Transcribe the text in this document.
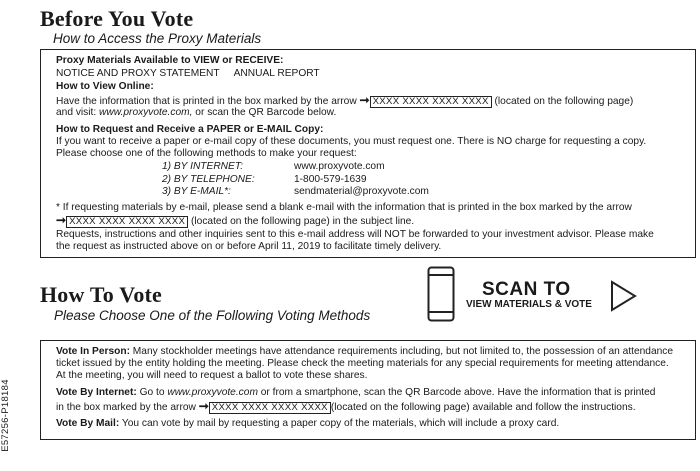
Before You Vote
How to Access the Proxy Materials
Proxy Materials Available to VIEW or RECEIVE:
NOTICE AND PROXY STATEMENT ANNUAL REPORT
How to View Online:
Have the information that is printed in the box marked by the arrow ➞ XXXX XXXX XXXX XXXX (located on the following page)
and visit: www.proxyvote.com, or scan the QR Barcode below.
How to Request and Receive a PAPER or E-MAIL Copy:
If you want to receive a paper or e-mail copy of these documents, you must request one. There is NO charge for requesting a copy.
Please choose one of the following methods to make your request:
1) BY INTERNET:	www.proxyvote.com
2) BY TELEPHONE:	1-800-579-1639
3) BY E-MAIL*:	sendmaterial@proxyvote.com
* If requesting materials by e-mail, please send a blank e-mail with the information that is printed in the box marked by the arrow
➞ XXXX XXXX XXXX XXXX (located on the following page) in the subject line.
Requests, instructions and other inquiries sent to this e-mail address will NOT be forwarded to your investment advisor. Please make
the request as instructed above on or before April 11, 2019 to facilitate timely delivery.
How To Vote
Please Choose One of the Following Voting Methods
SCAN TO
VIEW MATERIALS & VOTE
Vote In Person: Many stockholder meetings have attendance requirements including, but not limited to, the possession of an attendance
ticket issued by the entity holding the meeting. Please check the meeting materials for any special requirements for meeting attendance.
At the meeting, you will need to request a ballot to vote these shares.
Vote By Internet: Go to www.proxyvote.com or from a smartphone, scan the QR Barcode above. Have the information that is printed
in the box marked by the arrow ➞ XXXX XXXX XXXX XXXX (located on the following page) available and follow the instructions.
Vote By Mail: You can vote by mail by requesting a paper copy of the materials, which will include a proxy card.
E57256-P18184
